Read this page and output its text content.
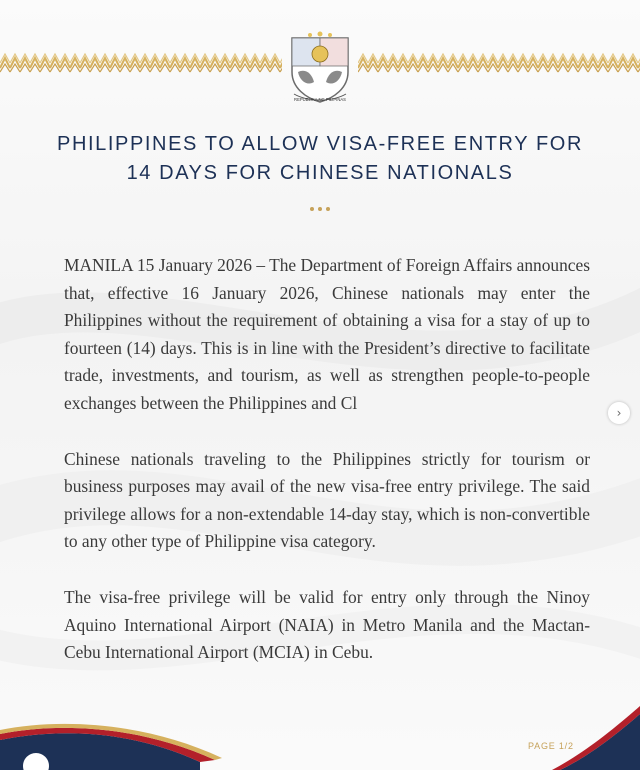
REPUBLIKA NG PILIPINAS
PHILIPPINES TO ALLOW VISA-FREE ENTRY FOR
14 DAYS FOR CHINESE NATIONALS

MANILA 15 January 2026 – The Department of Foreign Affairs announces that, effective 16 January 2026, Chinese nationals may enter the Philippines without the requirement of obtaining a visa for a stay of up to fourteen (14) days. This is in line with the President’s directive to facilitate trade, investments, and tourism, as well as strengthen people-to-people exchanges between the Philippines and Cl

Chinese nationals traveling to the Philippines strictly for tourism or business purposes may avail of the new visa-free entry privilege. The said privilege allows for a non-extendable 14-day stay, which is non-convertible to any other type of Philippine visa category.

The visa-free privilege will be valid for entry only through the Ninoy Aquino International Airport (NAIA) in Metro Manila and the Mactan-Cebu International Airport (MCIA) in Cebu.

›
PAGE 1/2
